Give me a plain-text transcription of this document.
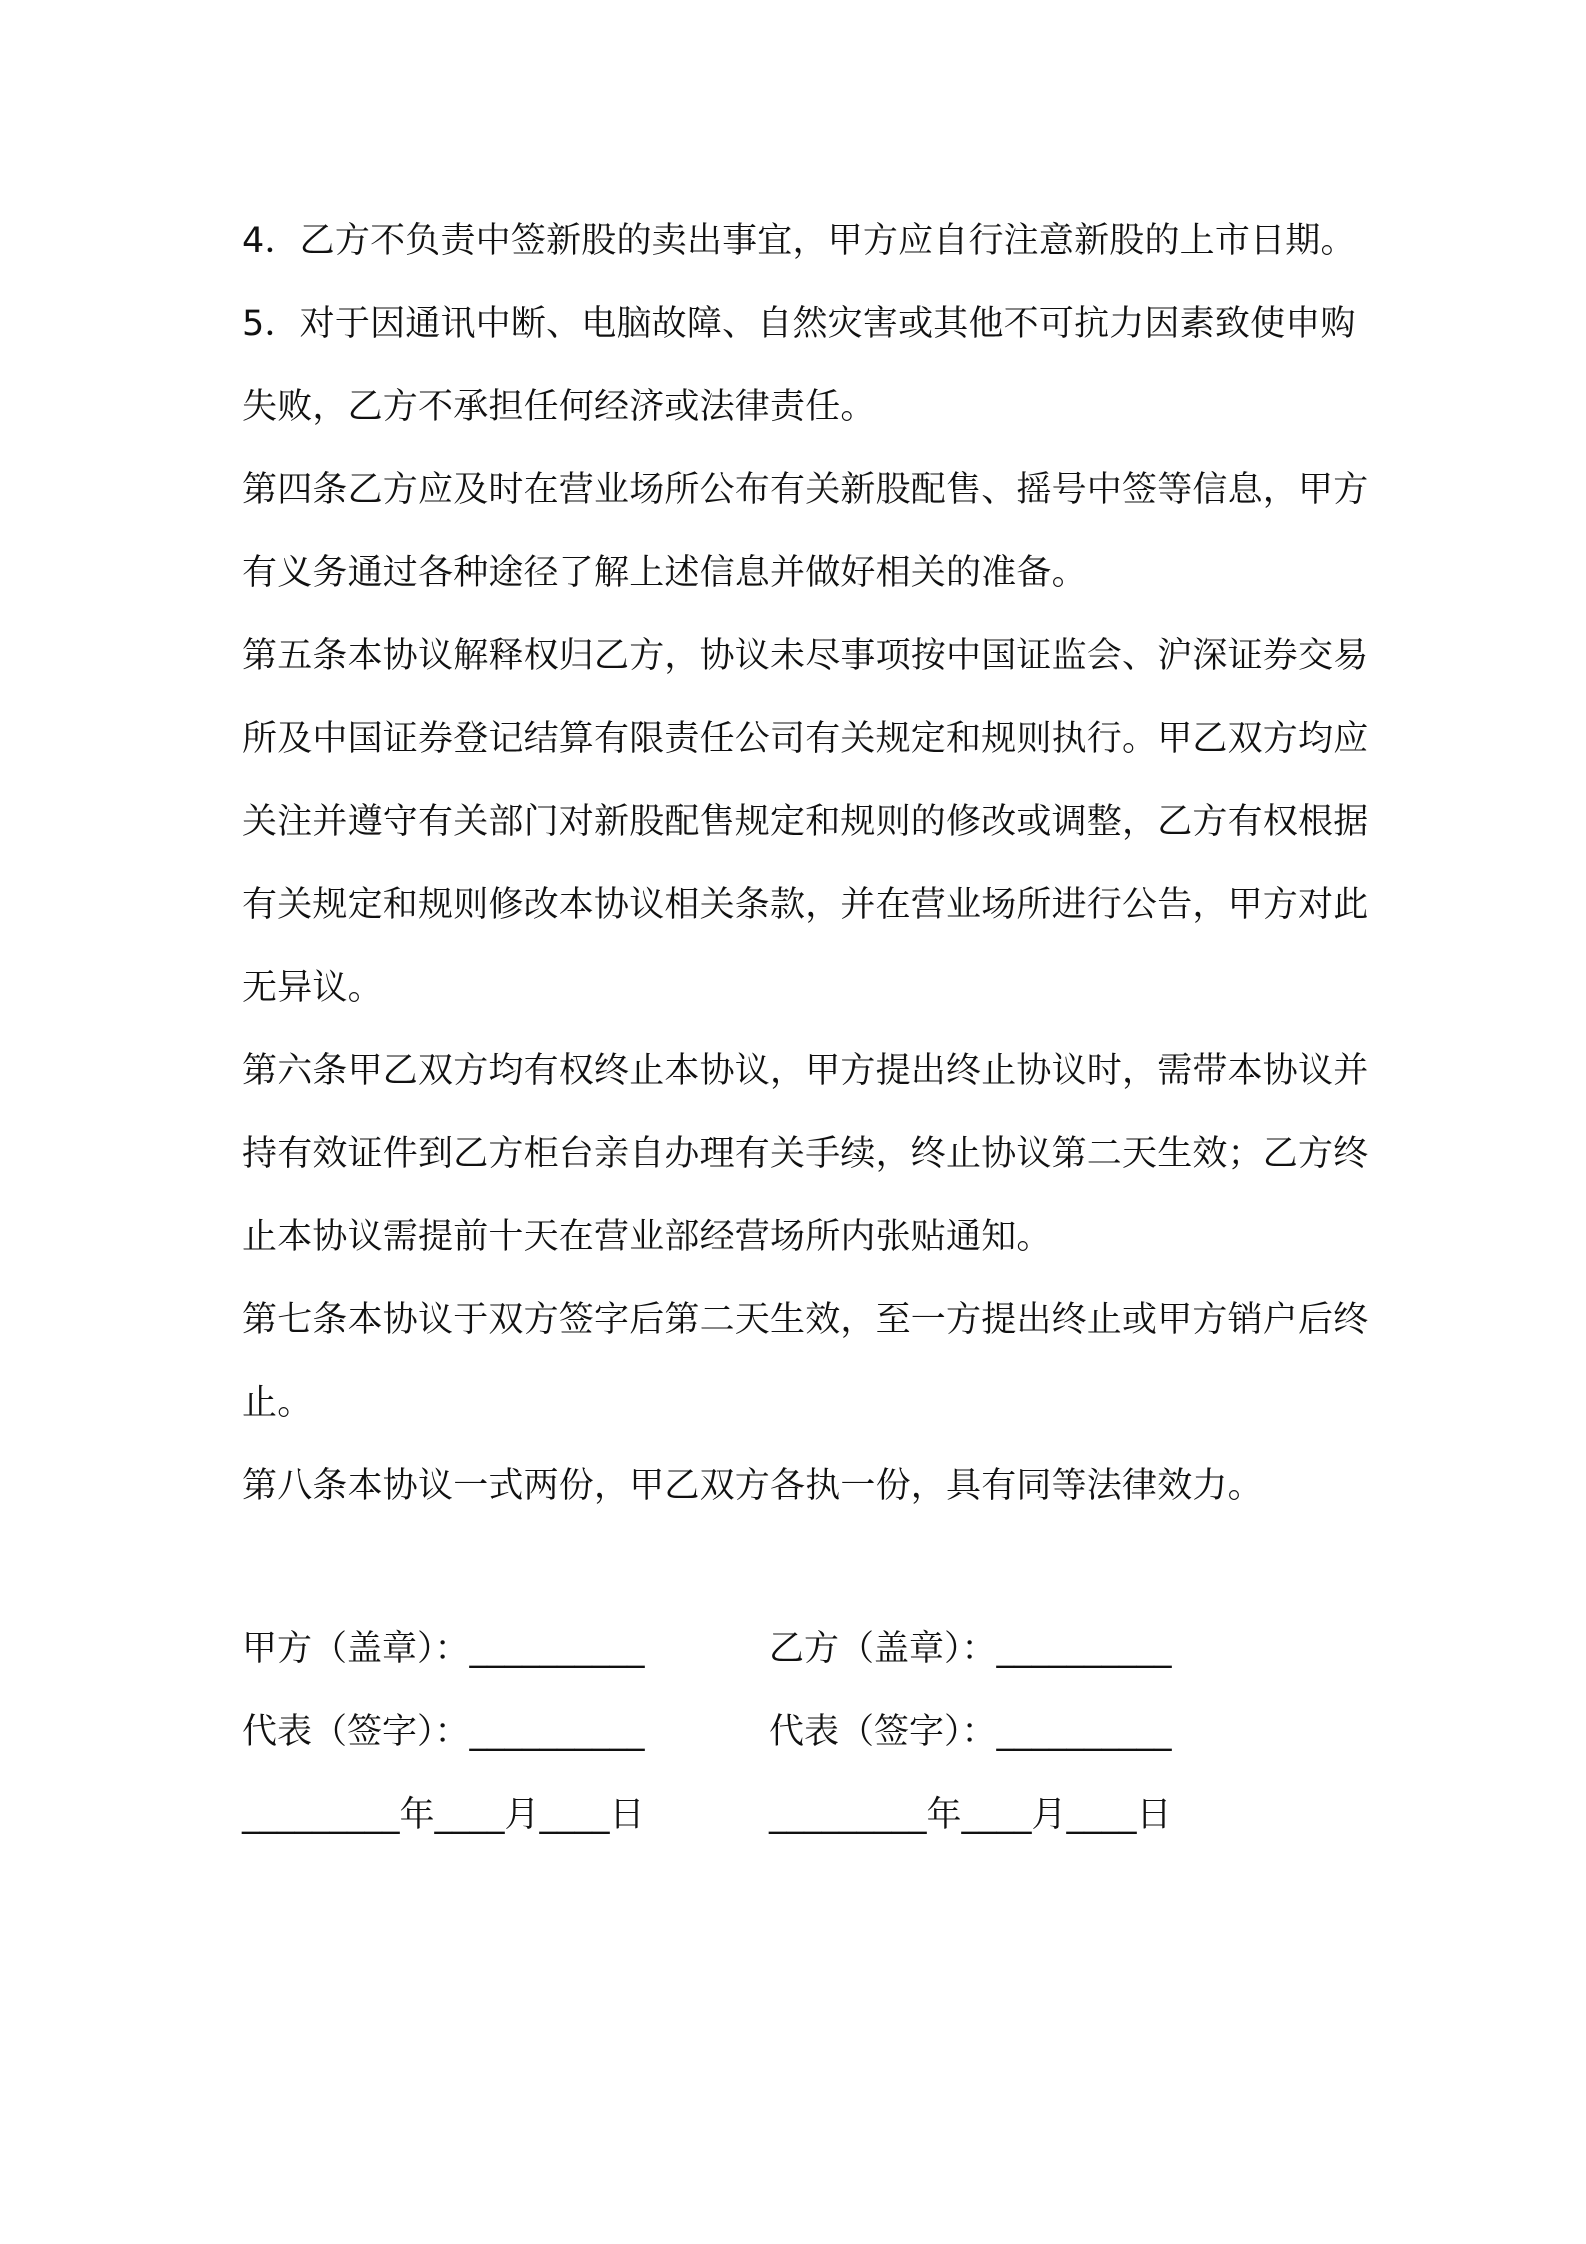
4．乙方不负责中签新股的卖出事宜，甲方应自行注意新股的上市日期。

5．对于因通讯中断、电脑故障、自然灾害或其他不可抗力因素致使申购失败，乙方不承担任何经济或法律责任。

第四条乙方应及时在营业场所公布有关新股配售、摇号中签等信息，甲方有义务通过各种途径了解上述信息并做好相关的准备。

第五条本协议解释权归乙方，协议未尽事项按中国证监会、沪深证券交易所及中国证券登记结算有限责任公司有关规定和规则执行。甲乙双方均应关注并遵守有关部门对新股配售规定和规则的修改或调整，乙方有权根据有关规定和规则修改本协议相关条款，并在营业场所进行公告，甲方对此无异议。

第六条甲乙双方均有权终止本协议，甲方提出终止协议时，需带本协议并持有效证件到乙方柜台亲自办理有关手续，终止协议第二天生效；乙方终止本协议需提前十天在营业部经营场所内张贴通知。

第七条本协议于双方签字后第二天生效，至一方提出终止或甲方销户后终止。

第八条本协议一式两份，甲乙双方各执一份，具有同等法律效力。

甲方（盖章）：__________	乙方（盖章）：__________
代表（签字）：__________	代表（签字）：__________
_________年____月____日	_________年____月____日
